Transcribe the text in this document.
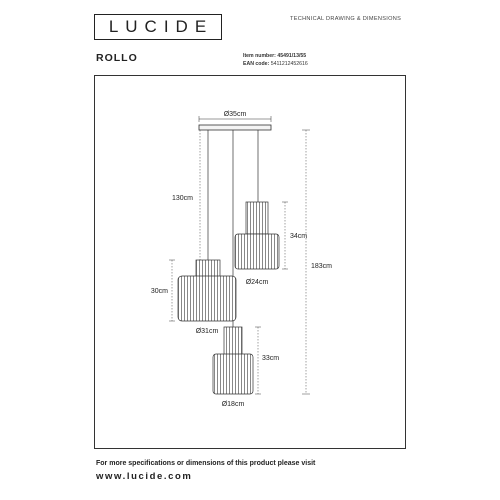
LUCIDE	TECHNICAL DRAWING & DIMENSIONS
ROLLO	Item number: 45491/13/55
EAN code: 5411212452616
Ø35cm
130cm
34cm
Ø24cm
30cm
Ø31cm
33cm
Ø18cm
183cm
For more specifications or dimensions of this product please visit
www.lucide.com
